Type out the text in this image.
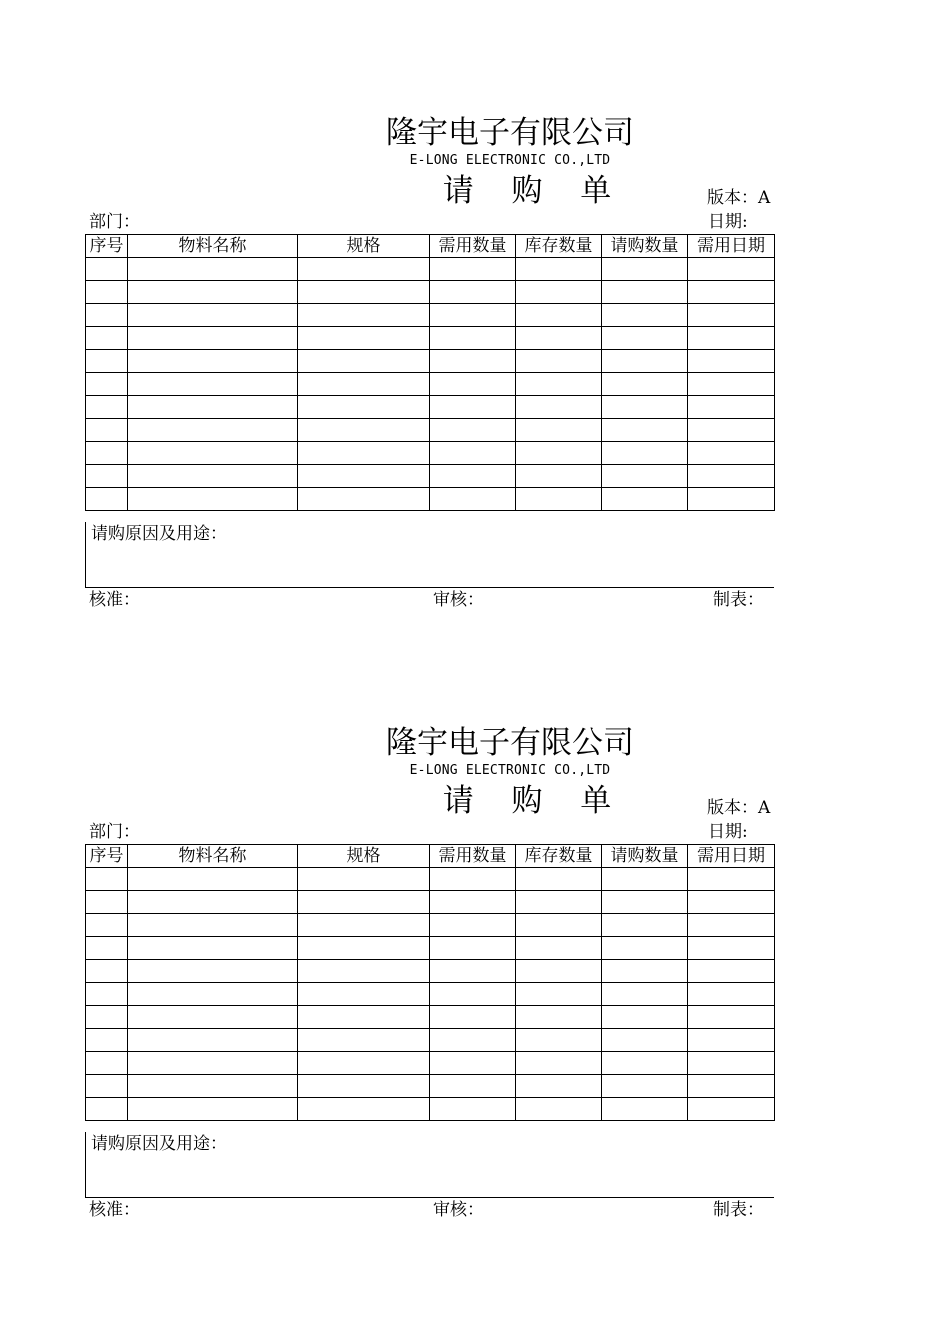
隆宇电子有限公司
E-LONG ELECTRONIC CO.,LTD
请  购  单	版本：A
部门：	日期:
序号	物料名称	规格	需用数量	库存数量	请购数量	需用日期

请购原因及用途：
核准：	审核：	制表：
隆宇电子有限公司
E-LONG ELECTRONIC CO.,LTD
请  购  单	版本：A
部门：	日期:
序号	物料名称	规格	需用数量	库存数量	请购数量	需用日期

请购原因及用途：
核准：	审核：	制表：
